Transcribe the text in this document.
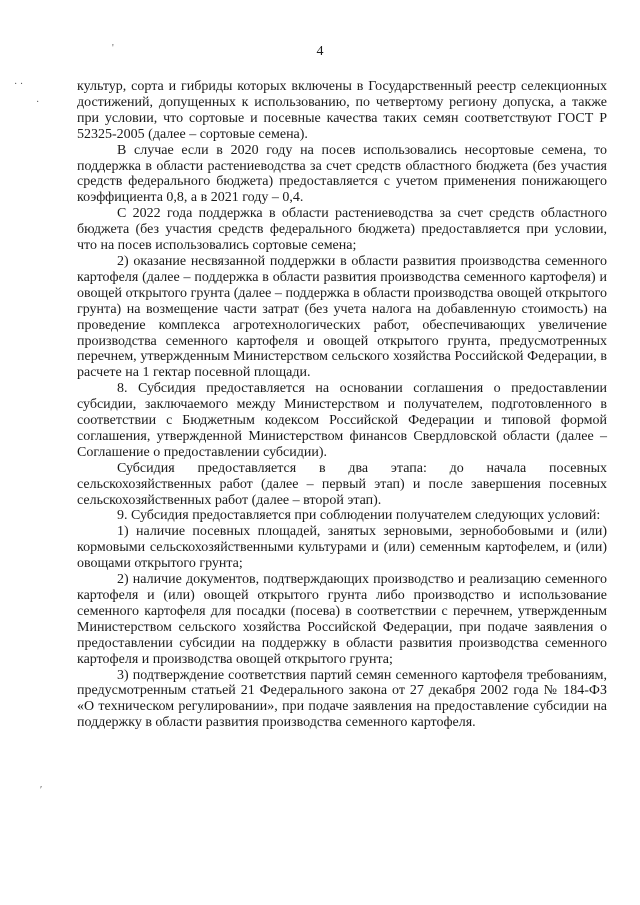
4
'
· ·
·
′

культур, сорта и гибриды которых включены в Государственный реестр селекционных достижений, допущенных к использованию, по четвертому региону допуска, а также при условии, что сортовые и посевные качества таких семян соответствуют ГОСТ Р 52325-2005 (далее – сортовые семена).

В случае если в 2020 году на посев использовались несортовые семена, то поддержка в области растениеводства за счет средств областного бюджета (без участия средств федерального бюджета) предоставляется с учетом применения понижающего коэффициента 0,8, а в 2021 году – 0,4.

С 2022 года поддержка в области растениеводства за счет средств областного бюджета (без участия средств федерального бюджета) предоставляется при условии, что на посев использовались сортовые семена;

2) оказание несвязанной поддержки в области развития производства семенного картофеля (далее – поддержка в области развития производства семенного картофеля) и овощей открытого грунта (далее – поддержка в области производства овощей открытого грунта) на возмещение части затрат (без учета налога на добавленную стоимость) на проведение комплекса агротехнологических работ, обеспечивающих увеличение производства семенного картофеля и овощей открытого грунта, предусмотренных перечнем, утвержденным Министерством сельского хозяйства Российской Федерации, в расчете на 1 гектар посевной площади.

8. Субсидия предоставляется на основании соглашения о предоставлении субсидии, заключаемого между Министерством и получателем, подготовленного в соответствии с Бюджетным кодексом Российской Федерации и типовой формой соглашения, утвержденной Министерством финансов Свердловской области (далее – Соглашение о предоставлении субсидии).

Субсидия предоставляется в два этапа: до начала посевных сельскохозяйственных работ (далее – первый этап) и после завершения посевных сельскохозяйственных работ (далее – второй этап).

9. Субсидия предоставляется при соблюдении получателем следующих условий:

1) наличие посевных площадей, занятых зерновыми, зернобобовыми и (или) кормовыми сельскохозяйственными культурами и (или) семенным картофелем, и (или) овощами открытого грунта;

2) наличие документов, подтверждающих производство и реализацию семенного картофеля и (или) овощей открытого грунта либо производство и использование семенного картофеля для посадки (посева) в соответствии с перечнем, утвержденным Министерством сельского хозяйства Российской Федерации, при подаче заявления о предоставлении субсидии на поддержку в области развития производства семенного картофеля и производства овощей открытого грунта;

3) подтверждение соответствия партий семян семенного картофеля требованиям, предусмотренным статьей 21 Федерального закона от 27 декабря 2002 года № 184-ФЗ «О техническом регулировании», при подаче заявления на предоставление субсидии на поддержку в области развития производства семенного картофеля.
